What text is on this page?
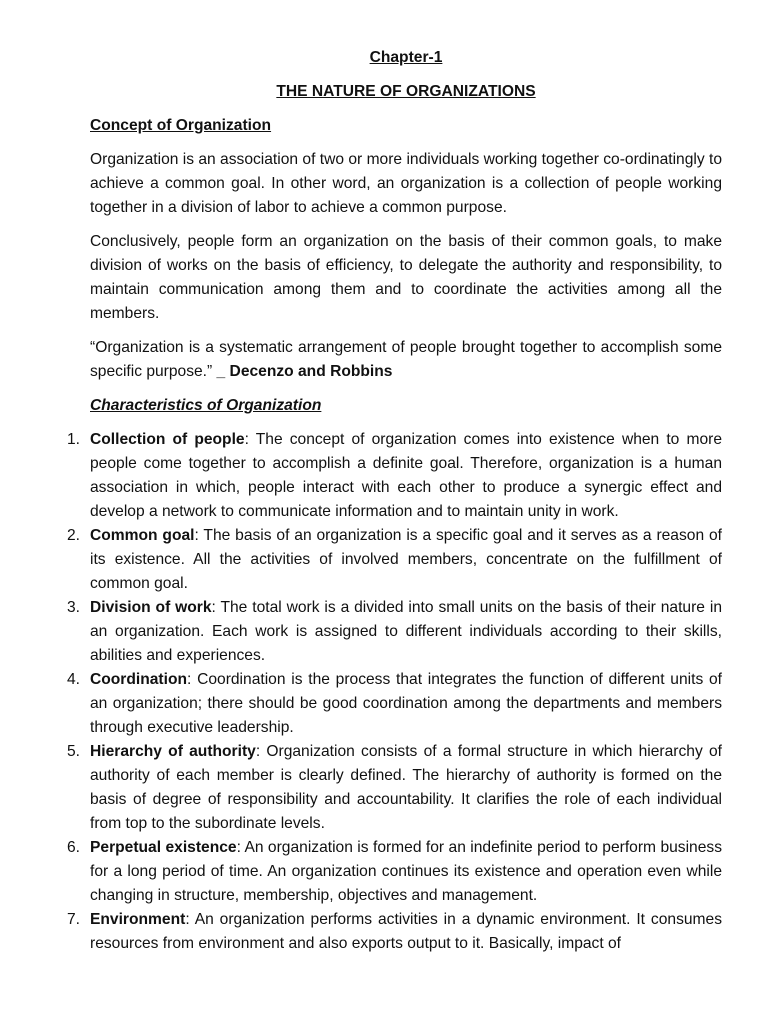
Chapter-1

THE NATURE OF ORGANIZATIONS

Concept of Organization

Organization is an association of two or more individuals working together co-ordinatingly to achieve a common goal. In other word, an organization is a collection of people working together in a division of labor to achieve a common purpose.

Conclusively, people form an organization on the basis of their common goals, to make division of works on the basis of efficiency, to delegate the authority and responsibility, to maintain communication among them and to coordinate the activities among all the members.

“Organization is a systematic arrangement of people brought together to accomplish some specific purpose.” _ Decenzo and Robbins

Characteristics of Organization
1. Collection of people: The concept of organization comes into existence when to more people come together to accomplish a definite goal. Therefore, organization is a human association in which, people interact with each other to produce a synergic effect and develop a network to communicate information and to maintain unity in work.
2. Common goal: The basis of an organization is a specific goal and it serves as a reason of its existence. All the activities of involved members, concentrate on the fulfillment of common goal.
3. Division of work: The total work is a divided into small units on the basis of their nature in an organization. Each work is assigned to different individuals according to their skills, abilities and experiences.
4. Coordination: Coordination is the process that integrates the function of different units of an organization; there should be good coordination among the departments and members through executive leadership.
5. Hierarchy of authority: Organization consists of a formal structure in which hierarchy of authority of each member is clearly defined. The hierarchy of authority is formed on the basis of degree of responsibility and accountability. It clarifies the role of each individual from top to the subordinate levels.
6. Perpetual existence: An organization is formed for an indefinite period to perform business for a long period of time. An organization continues its existence and operation even while changing in structure, membership, objectives and management.
7. Environment: An organization performs activities in a dynamic environment. It consumes resources from environment and also exports output to it. Basically, impact of
